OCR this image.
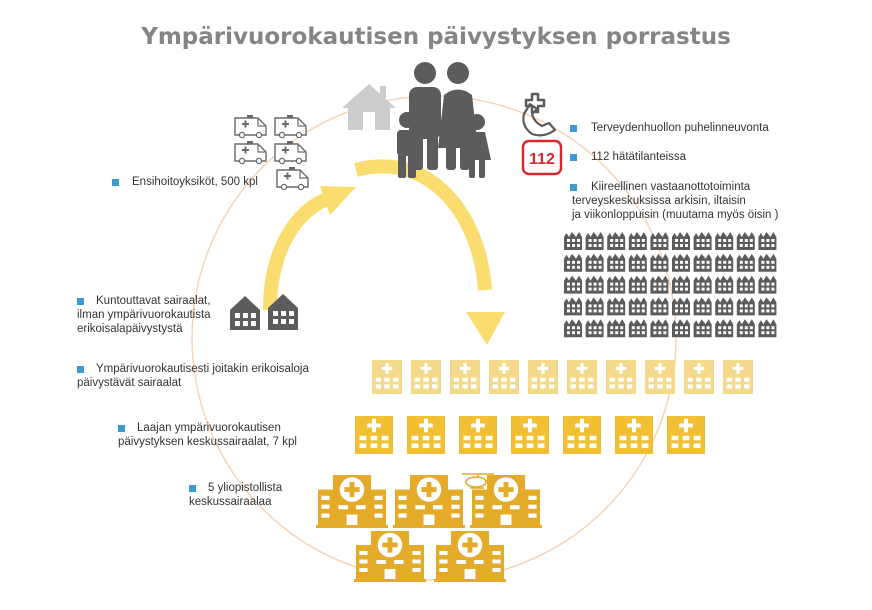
Ympärivuorokautisen päivystyksen porrastus
112
Terveydenhuollon puhelinneuvonta
112 hätätilanteissa
Kiireellinen vastaanottotoiminta
terveyskeskuksissa arkisin, iltaisin
ja viikonloppuisin (muutama myös öisin )
Ensihoitoyksiköt, 500 kpl
Kuntouttavat sairaalat,
ilman ympärivuorokautista
erikoisalapäivystystä
Ympärivuorokautisesti joitakin erikoisaloja
päivystävät sairaalat
Laajan ympärivuorokautisen
päivystyksen keskussairaalat, 7 kpl
5 yliopistollista
keskussairaalaa
